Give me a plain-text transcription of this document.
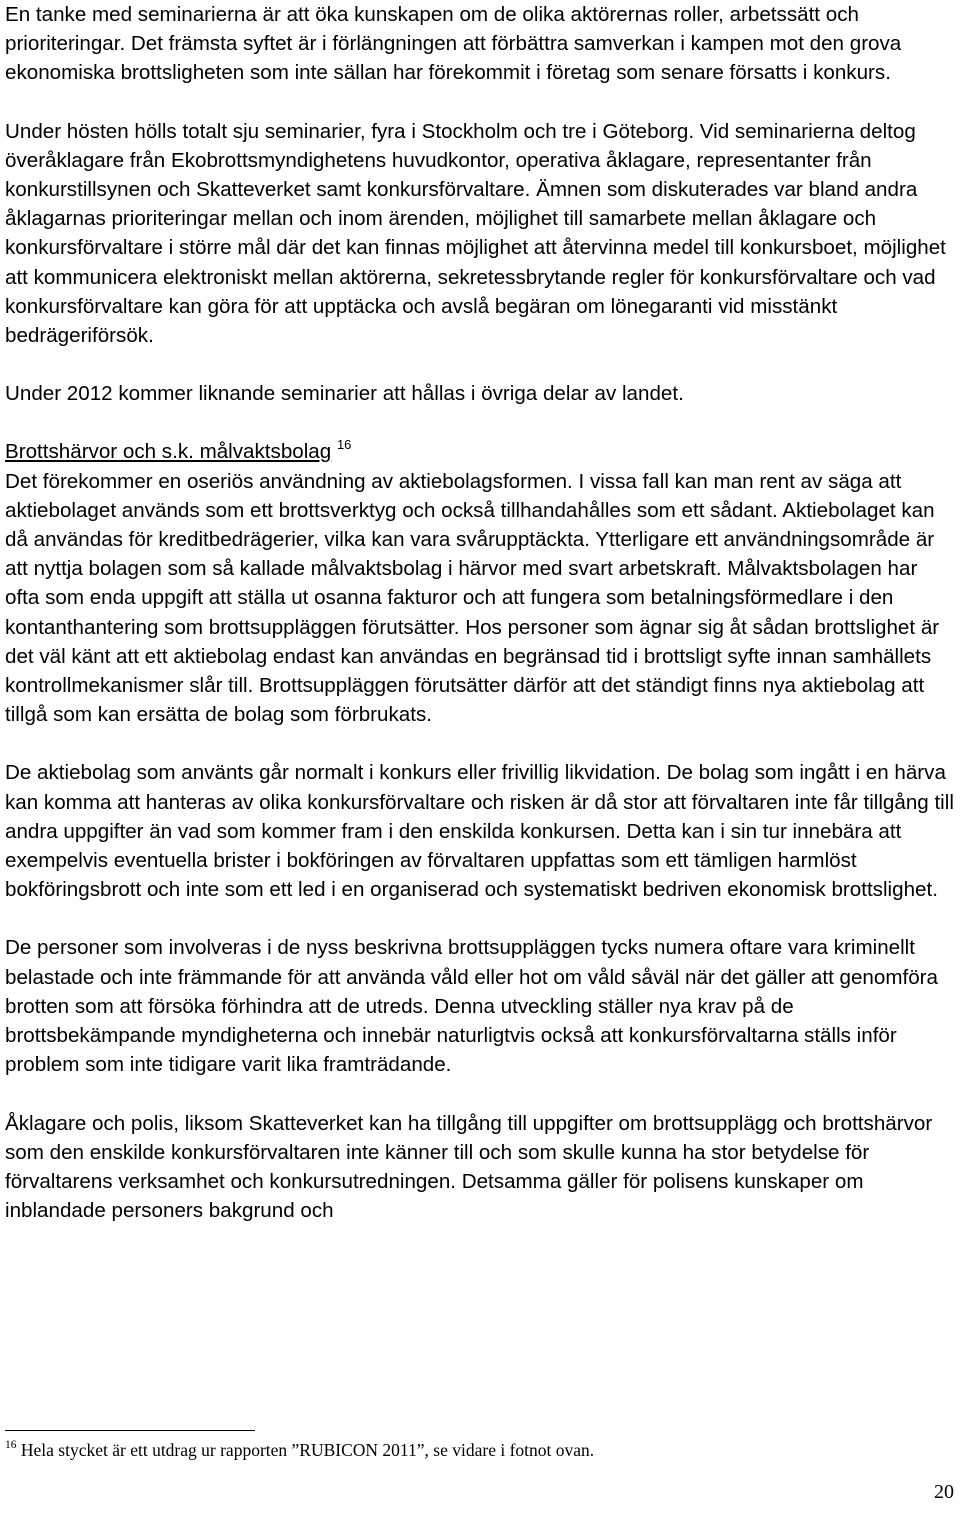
En tanke med seminarierna är att öka kunskapen om de olika aktörernas roller, arbetssätt och prioriteringar. Det främsta syftet är i förlängningen att förbättra samverkan i kampen mot den grova ekonomiska brottsligheten som inte sällan har förekommit i företag som senare försatts i konkurs.

Under hösten hölls totalt sju seminarier, fyra i Stockholm och tre i Göteborg. Vid seminarierna deltog överåklagare från Ekobrottsmyndighetens huvudkontor, operativa åklagare, representanter från konkurstillsynen och Skatteverket samt konkursförvaltare. Ämnen som diskuterades var bland andra åklagarnas prioriteringar mellan och inom ärenden, möjlighet till samarbete mellan åklagare och konkursförvaltare i större mål där det kan finnas möjlighet att återvinna medel till konkursboet, möjlighet att kommunicera elektroniskt mellan aktörerna, sekretessbrytande regler för konkursförvaltare och vad konkursförvaltare kan göra för att upptäcka och avslå begäran om lönegaranti vid misstänkt bedrägeriförsök.

Under 2012 kommer liknande seminarier att hållas i övriga delar av landet.

Brottshärvor och s.k. målvaktsbolag $^{16}$

Det förekommer en oseriös användning av aktiebolagsformen. I vissa fall kan man rent av säga att aktiebolaget används som ett brottsverktyg och också tillhandahålles som ett sådant. Aktiebolaget kan då användas för kreditbedrägerier, vilka kan vara svårupptäckta. Ytterligare ett användningsområde är att nyttja bolagen som så kallade målvaktsbolag i härvor med svart arbetskraft. Målvaktsbolagen har ofta som enda uppgift att ställa ut osanna fakturor och att fungera som betalningsförmedlare i den kontanthantering som brottsuppläggen förutsätter. Hos personer som ägnar sig åt sådan brottslighet är det väl känt att ett aktiebolag endast kan användas en begränsad tid i brottsligt syfte innan samhällets kontrollmekanismer slår till. Brottsuppläggen förutsätter därför att det ständigt finns nya aktiebolag att tillgå som kan ersätta de bolag som förbrukats.

De aktiebolag som använts går normalt i konkurs eller frivillig likvidation. De bolag som ingått i en härva kan komma att hanteras av olika konkursförvaltare och risken är då stor att förvaltaren inte får tillgång till andra uppgifter än vad som kommer fram i den enskilda konkursen. Detta kan i sin tur innebära att exempelvis eventuella brister i bokföringen av förvaltaren uppfattas som ett tämligen harmlöst bokföringsbrott och inte som ett led i en organiserad och systematiskt bedriven ekonomisk brottslighet.

De personer som involveras i de nyss beskrivna brottsuppläggen tycks numera oftare vara kriminellt belastade och inte främmande för att använda våld eller hot om våld såväl när det gäller att genomföra brotten som att försöka förhindra att de utreds. Denna utveckling ställer nya krav på de brottsbekämpande myndigheterna och innebär naturligtvis också att konkursförvaltarna ställs inför problem som inte tidigare varit lika framträdande.

Åklagare och polis, liksom Skatteverket kan ha tillgång till uppgifter om brottsupplägg och brottshärvor som den enskilde konkursförvaltaren inte känner till och som skulle kunna ha stor betydelse för förvaltarens verksamhet och konkursutredningen. Detsamma gäller för polisens kunskaper om inblandade personers bakgrund och

$^{16}$ Hela stycket är ett utdrag ur rapporten ”RUBICON 2011”, se vidare i fotnot ovan.

20
